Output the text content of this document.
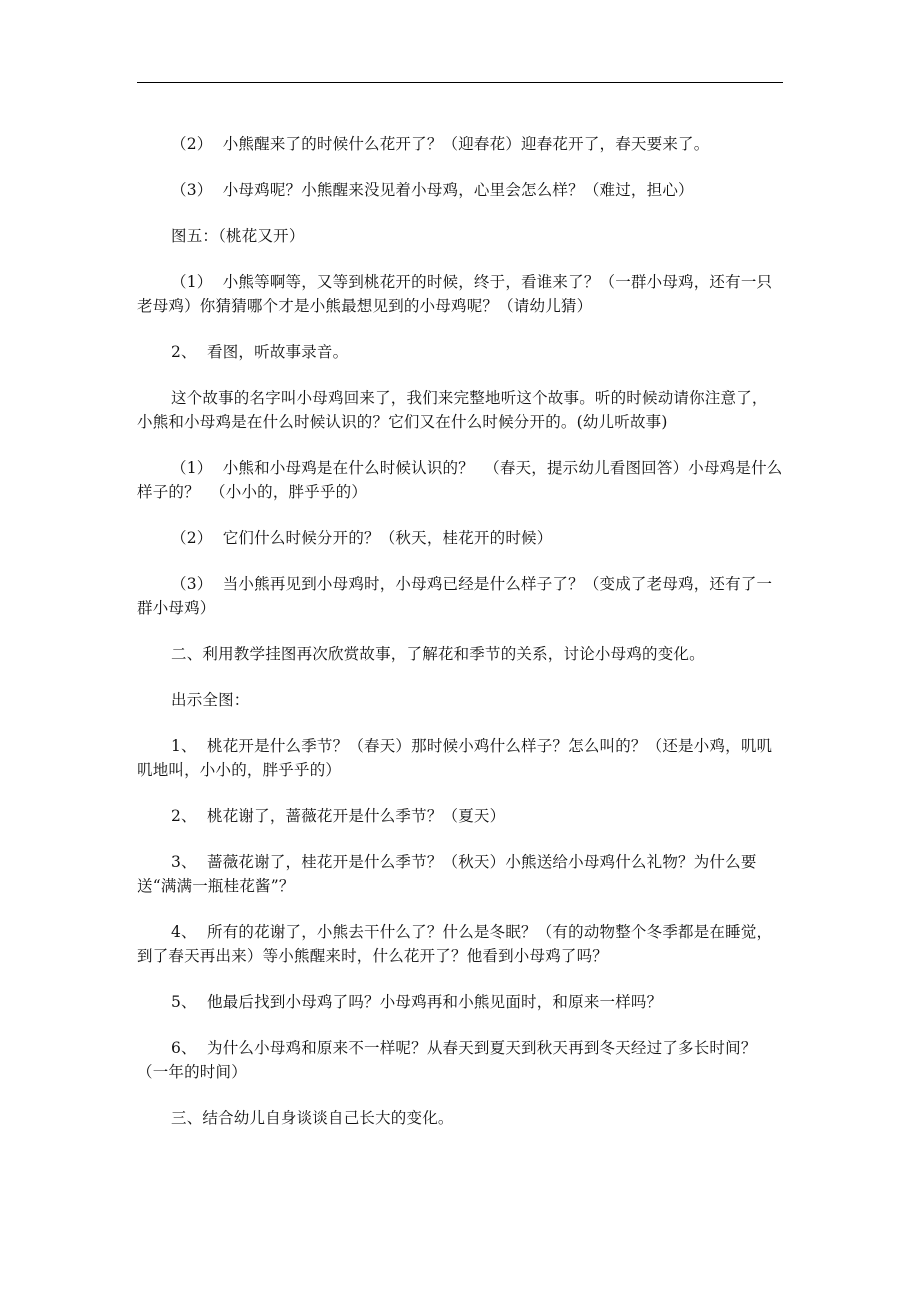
（2）  小熊醒来了的时候什么花开了？（迎春花）迎春花开了，春天要来了。

（3）  小母鸡呢？小熊醒来没见着小母鸡，心里会怎么样？（难过，担心）

图五：（桃花又开）

（1）  小熊等啊等，又等到桃花开的时候，终于，看谁来了？（一群小母鸡，还有一只老母鸡）你猜猜哪个才是小熊最想见到的小母鸡呢？（请幼儿猜）

2、  看图，听故事录音。

这个故事的名字叫小母鸡回来了，我们来完整地听这个故事。听的时候动请你注意了，小熊和小母鸡是在什么时候认识的？它们又在什么时候分开的。(幼儿听故事)

（1）  小熊和小母鸡是在什么时候认识的？  （春天，提示幼儿看图回答）小母鸡是什么样子的？  （小小的，胖乎乎的）

（2）  它们什么时候分开的？（秋天，桂花开的时候）

（3）  当小熊再见到小母鸡时，小母鸡已经是什么样子了？（变成了老母鸡，还有了一群小母鸡）

二、利用教学挂图再次欣赏故事，了解花和季节的关系，讨论小母鸡的变化。

出示全图：

1、  桃花开是什么季节？（春天）那时候小鸡什么样子？怎么叫的？（还是小鸡，叽叽叽地叫，小小的，胖乎乎的）

2、  桃花谢了，蔷薇花开是什么季节？（夏天）

3、  蔷薇花谢了，桂花开是什么季节？（秋天）小熊送给小母鸡什么礼物？为什么要送“满满一瓶桂花酱”？

4、  所有的花谢了，小熊去干什么了？什么是冬眠？（有的动物整个冬季都是在睡觉，到了春天再出来）等小熊醒来时，什么花开了？他看到小母鸡了吗？

5、  他最后找到小母鸡了吗？小母鸡再和小熊见面时，和原来一样吗？

6、  为什么小母鸡和原来不一样呢？从春天到夏天到秋天再到冬天经过了多长时间？（一年的时间）

三、结合幼儿自身谈谈自己长大的变化。
